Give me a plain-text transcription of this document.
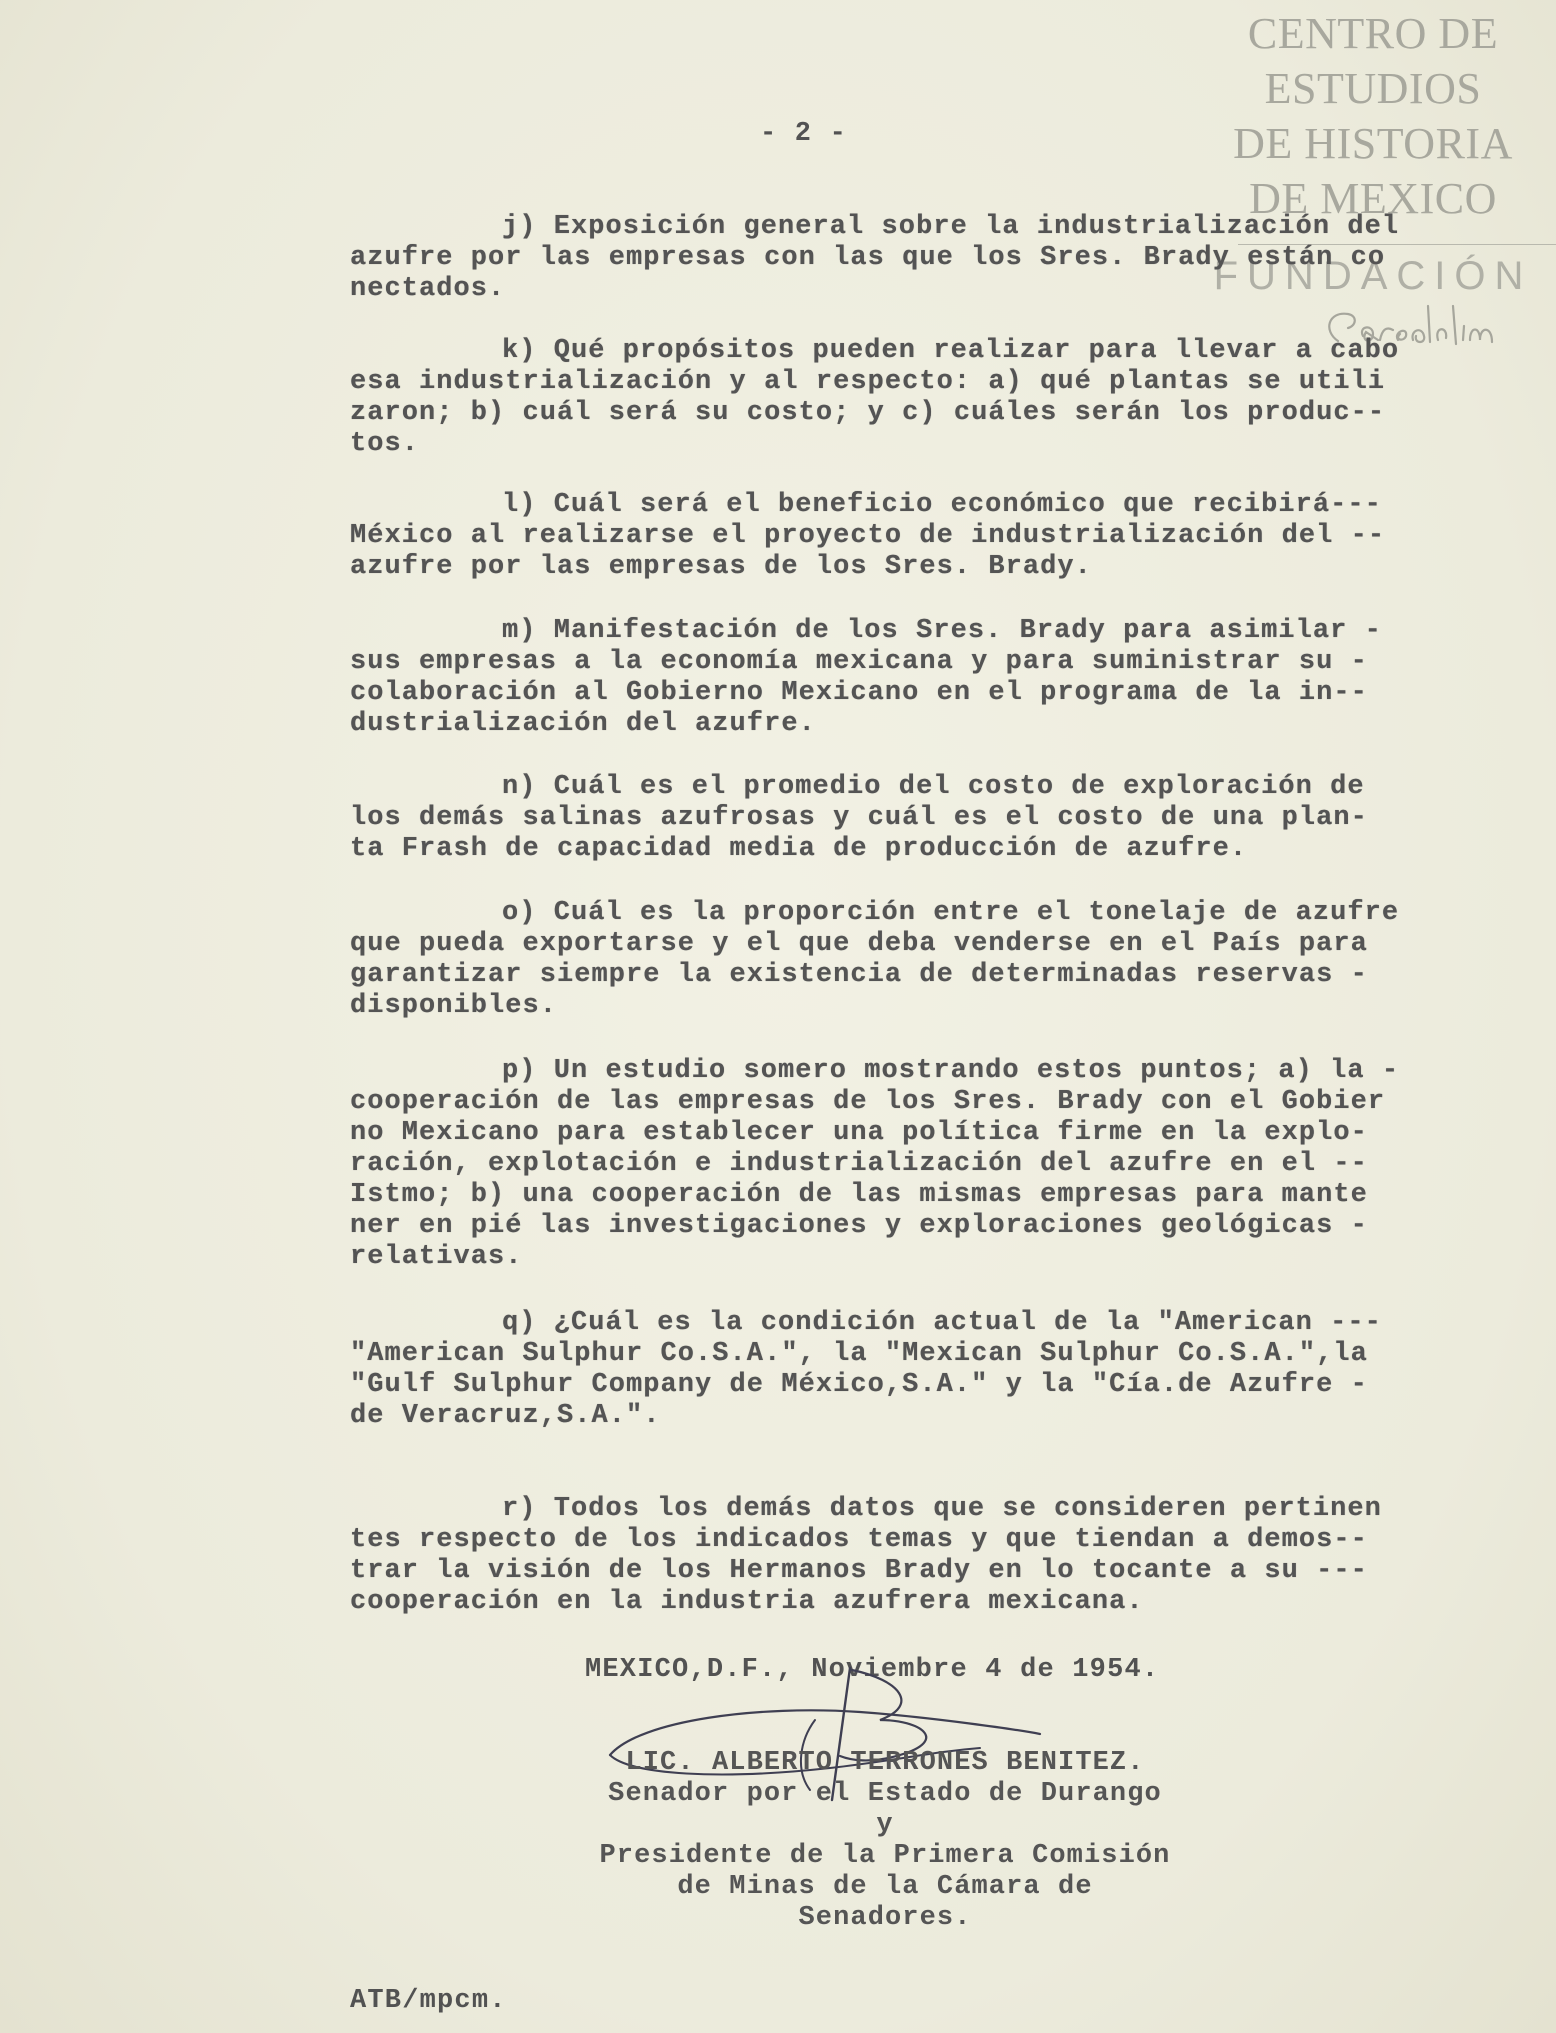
CENTRO DE
ESTUDIOS
DE HISTORIA
DE MEXICO
FUNDACIÓN
- 2 -
j) Exposición general sobre la industrialización del
azufre por las empresas con las que los Sres. Brady están co
nectados.
k) Qué propósitos pueden realizar para llevar a cabo
esa industrialización y al respecto: a) qué plantas se utili
zaron; b) cuál será su costo; y c) cuáles serán los produc--
tos.
l) Cuál será el beneficio económico que recibirá---
México al realizarse el proyecto de industrialización del --
azufre por las empresas de los Sres. Brady.
m) Manifestación de los Sres. Brady para asimilar -
sus empresas a la economía mexicana y para suministrar su -
colaboración al Gobierno Mexicano en el programa de la in--
dustrialización del azufre.
n) Cuál es el promedio del costo de exploración de
los demás salinas azufrosas y cuál es el costo de una plan-
ta Frash de capacidad media de producción de azufre.
o) Cuál es la proporción entre el tonelaje de azufre
que pueda exportarse y el que deba venderse en el País para
garantizar siempre la existencia de determinadas reservas -
disponibles.
p) Un estudio somero mostrando estos puntos; a) la -
cooperación de las empresas de los Sres. Brady con el Gobier
no Mexicano para establecer una política firme en la explo-
ración, explotación e industrialización del azufre en el --
Istmo; b) una cooperación de las mismas empresas para mante
ner en pié las investigaciones y exploraciones geológicas -
relativas.
q) ¿Cuál es la condición actual de la "American ---
"American Sulphur Co.S.A.", la "Mexican Sulphur Co.S.A.",la
"Gulf Sulphur Company de México,S.A." y la "Cía.de Azufre -
de Veracruz,S.A.".
r) Todos los demás datos que se consideren pertinen
tes respecto de los indicados temas y que tiendan a demos--
trar la visión de los Hermanos Brady en lo tocante a su ---
cooperación en la industria azufrera mexicana.
MEXICO,D.F., Noviembre 4 de 1954.
LIC. ALBERTO TERRONES BENITEZ.
Senador por el Estado de Durango
y
Presidente de la Primera Comisión
de Minas de la Cámara de
Senadores.
ATB/mpcm.
